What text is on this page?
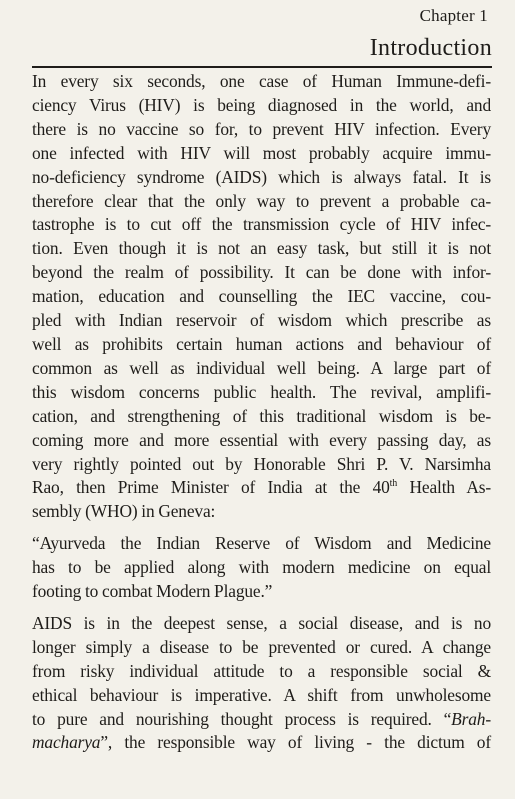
Chapter 1
Introduction

In every six seconds, one case of Human Immune-defi-
ciency Virus (HIV) is being diagnosed in the world, and
there is no vaccine so for, to prevent HIV infection. Every
one infected with HIV will most probably acquire immu-
no-deficiency syndrome (AIDS) which is always fatal. It is
therefore clear that the only way to prevent a probable ca-
tastrophe is to cut off the transmission cycle of HIV infec-
tion. Even though it is not an easy task, but still it is not
beyond the realm of possibility. It can be done with infor-
mation, education and counselling the IEC vaccine, cou-
pled with Indian reservoir of wisdom which prescribe as
well as prohibits certain human actions and behaviour of
common as well as individual well being. A large part of
this wisdom concerns public health. The revival, amplifi-
cation, and strengthening of this traditional wisdom is be-
coming more and more essential with every passing day, as
very rightly pointed out by Honorable Shri P. V. Narsimha
Rao, then Prime Minister of India at the 40th Health As-
sembly (WHO) in Geneva:

“Ayurveda the Indian Reserve of Wisdom and Medicine
has to be applied along with modern medicine on equal
footing to combat Modern Plague.”

AIDS is in the deepest sense, a social disease, and is no
longer simply a disease to be prevented or cured. A change
from risky individual attitude to a responsible social &
ethical behaviour is imperative. A shift from unwholesome
to pure and nourishing thought process is required. “Brah-
macharya”, the responsible way of living - the dictum of
